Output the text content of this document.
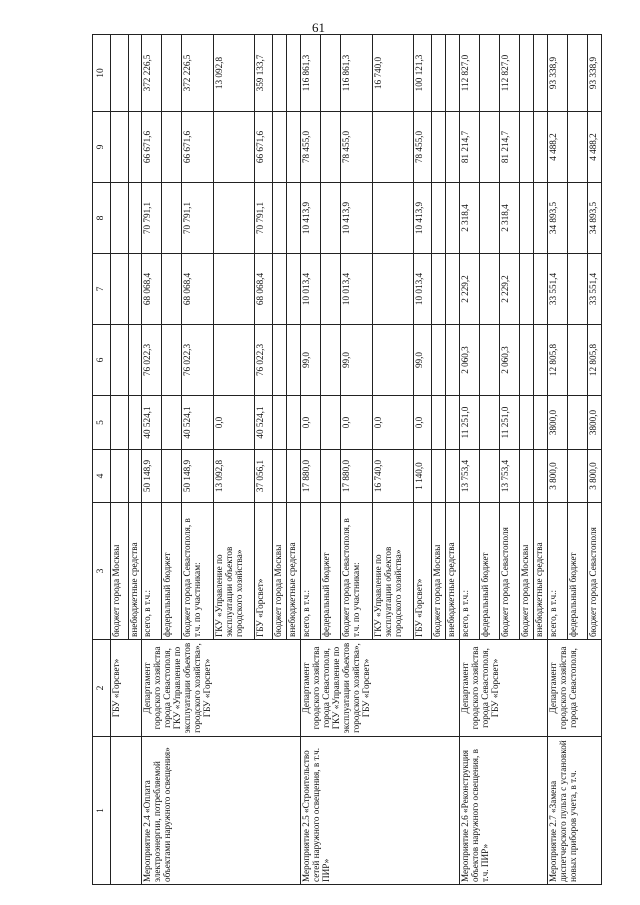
61
1	2	3	4	5	6	7	8	9	10
	ГБУ «Горсвет»	бюджет города Москвы							
		внебюджетные средства							
Мероприятие 2.4 «Оплата электроэнергии, потребляемой объектами наружного освещения»	Департамент городского хозяйства города Севастополя, ГКУ «Управление по эксплуатации объектов городского хозяйства», ГБУ «Горсвет»	всего, в т.ч.:	50 148,9	40 524,1	76 022,3	68 068,4	70 791,1	66 671,6	372 226,5
		федеральный бюджет							
		бюджет города Севастополя, в т.ч. по участникам:	50 148,9	40 524,1	76 022,3	68 068,4	70 791,1	66 671,6	372 226,5
		ГКУ «Управление по эксплуатации объектов городского хозяйства»	13 092,8	0,0					13 092,8
		ГБУ «Горсвет»	37 056,1	40 524,1	76 022,3	68 068,4	70 791,1	66 671,6	359 133,7
		бюджет города Москвы							
		внебюджетные средства							
Мероприятие 2.5 «Строительство сетей наружного освещения, в т.ч. ПИР»	Департамент городского хозяйства города Севастополя, ГКУ «Управление по эксплуатации объектов городского хозяйства», ГБУ «Горсвет»	всего, в т.ч.:	17 880,0	0,0	99,0	10 013,4	10 413,9	78 455,0	116 861,3
		федеральный бюджет							
		бюджет города Севастополя, в т.ч. по участникам:	17 880,0	0,0	99,0	10 013,4	10 413,9	78 455,0	116 861,3
		ГКУ «Управление по эксплуатации объектов городского хозяйства»	16 740,0	0,0					16 740,0
		ГБУ «Горсвет»	1 140,0	0,0	99,0	10 013,4	10 413,9	78 455,0	100 121,3
		бюджет города Москвы							
		внебюджетные средства							
Мероприятие 2.6 «Реконструкция объектов наружного освещения, в т.ч. ПИР»	Департамент городского хозяйства города Севастополя, ГБУ «Горсвет»	всего, в т.ч.:	13 753,4	11 251,0	2 060,3	2 229,2	2 318,4	81 214,7	112 827,0
		федеральный бюджет							
		бюджет города Севастополя	13 753,4	11 251,0	2 060,3	2 229,2	2 318,4	81 214,7	112 827,0
		бюджет города Москвы							
		внебюджетные средства							
Мероприятие 2.7 «Замена диспетчерского пульта с установкой новых приборов учета, в т.ч.	Департамент городского хозяйства города Севастополя,	всего, в т.ч.:	3 800,0	3800,0	12 805,8	33 551,4	34 893,5	4 488,2	93 338,9
		федеральный бюджет							
		бюджет города Севастополя	3 800,0	3800,0	12 805,8	33 551,4	34 893,5	4 488,2	93 338,9
